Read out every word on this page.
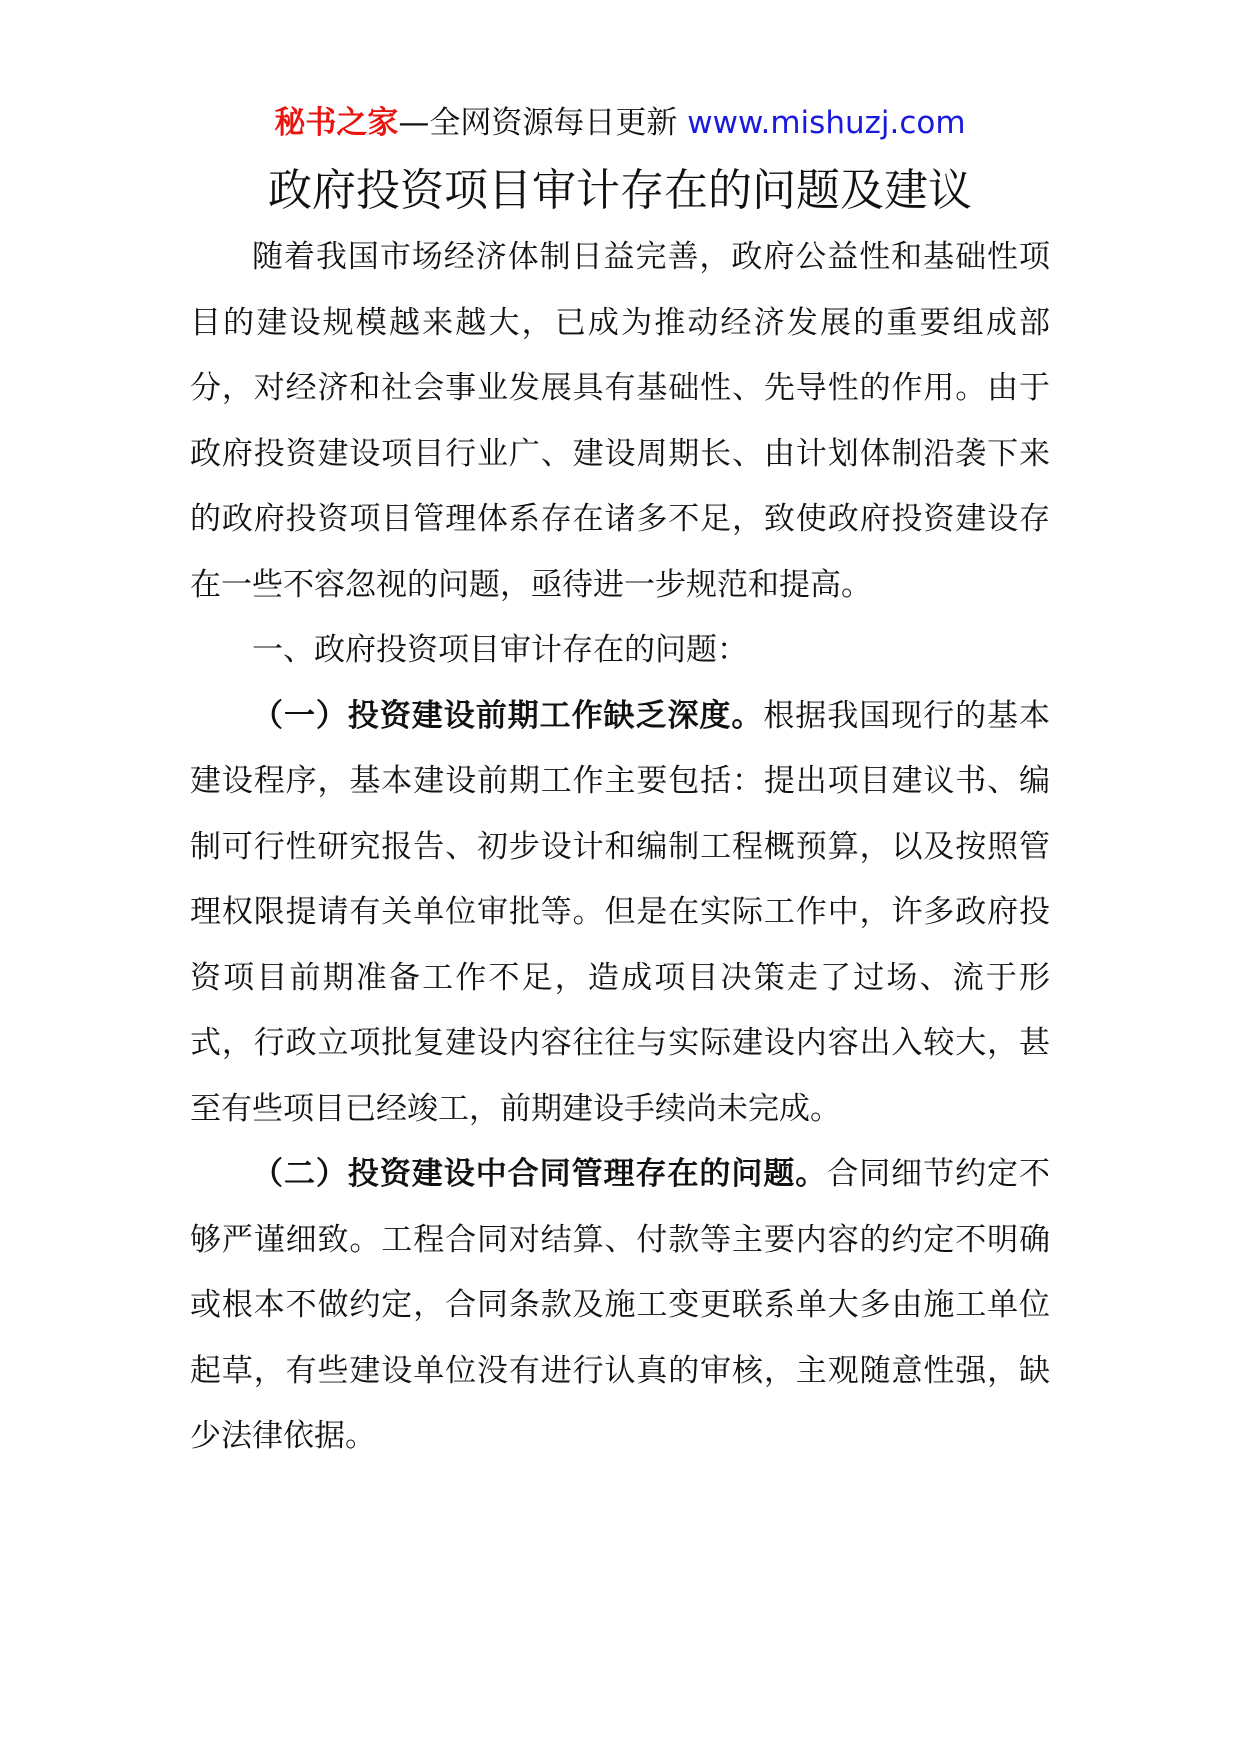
秘书之家—全网资源每日更新 www.mishuzj.com
政府投资项目审计存在的问题及建议

随着我国市场经济体制日益完善，政府公益性和基础性项目的建设规模越来越大，已成为推动经济发展的重要组成部分，对经济和社会事业发展具有基础性、先导性的作用。由于政府投资建设项目行业广、建设周期长、由计划体制沿袭下来的政府投资项目管理体系存在诸多不足，致使政府投资建设存在一些不容忽视的问题，亟待进一步规范和提高。

一、政府投资项目审计存在的问题：

（一）投资建设前期工作缺乏深度。根据我国现行的基本建设程序，基本建设前期工作主要包括：提出项目建议书、编制可行性研究报告、初步设计和编制工程概预算，以及按照管理权限提请有关单位审批等。但是在实际工作中，许多政府投资项目前期准备工作不足，造成项目决策走了过场、流于形式，行政立项批复建设内容往往与实际建设内容出入较大，甚至有些项目已经竣工，前期建设手续尚未完成。

（二）投资建设中合同管理存在的问题。合同细节约定不够严谨细致。工程合同对结算、付款等主要内容的约定不明确或根本不做约定，合同条款及施工变更联系单大多由施工单位起草，有些建设单位没有进行认真的审核，主观随意性强，缺少法律依据。
